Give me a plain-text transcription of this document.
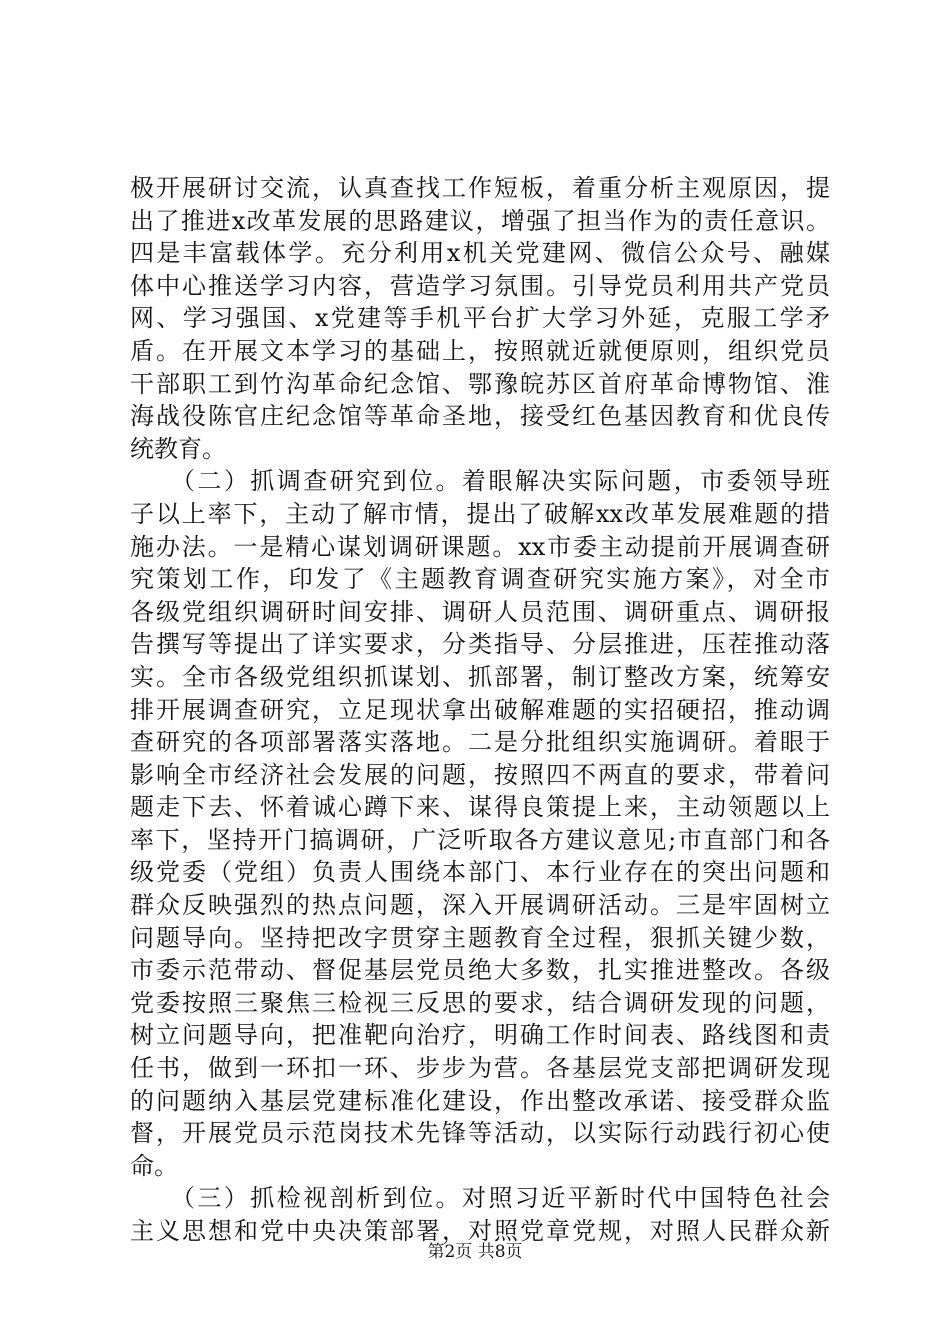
极开展研讨交流，认真查找工作短板，着重分析主观原因，提
出了推进x改革发展的思路建议，增强了担当作为的责任意识。
四是丰富载体学。充分利用x机关党建网、微信公众号、融媒
体中心推送学习内容，营造学习氛围。引导党员利用共产党员
网、学习强国、x党建等手机平台扩大学习外延，克服工学矛
盾。在开展文本学习的基础上，按照就近就便原则，组织党员
干部职工到竹沟革命纪念馆、鄂豫皖苏区首府革命博物馆、淮
海战役陈官庄纪念馆等革命圣地，接受红色基因教育和优良传
统教育。
　　（二）抓调查研究到位。着眼解决实际问题，市委领导班
子以上率下，主动了解市情，提出了破解xx改革发展难题的措
施办法。一是精心谋划调研课题。xx市委主动提前开展调查研
究策划工作，印发了《主题教育调查研究实施方案》，对全市
各级党组织调研时间安排、调研人员范围、调研重点、调研报
告撰写等提出了详实要求，分类指导、分层推进，压茬推动落
实。全市各级党组织抓谋划、抓部署，制订整改方案，统筹安
排开展调查研究，立足现状拿出破解难题的实招硬招，推动调
查研究的各项部署落实落地。二是分批组织实施调研。着眼于
影响全市经济社会发展的问题，按照四不两直的要求，带着问
题走下去、怀着诚心蹲下来、谋得良策提上来，主动领题以上
率下，坚持开门搞调研，广泛听取各方建议意见;市直部门和各
级党委（党组）负责人围绕本部门、本行业存在的突出问题和
群众反映强烈的热点问题，深入开展调研活动。三是牢固树立
问题导向。坚持把改字贯穿主题教育全过程，狠抓关键少数，
市委示范带动、督促基层党员绝大多数，扎实推进整改。各级
党委按照三聚焦三检视三反思的要求，结合调研发现的问题，
树立问题导向，把准靶向治疗，明确工作时间表、路线图和责
任书，做到一环扣一环、步步为营。各基层党支部把调研发现
的问题纳入基层党建标准化建设，作出整改承诺、接受群众监
督，开展党员示范岗技术先锋等活动，以实际行动践行初心使
命。
　　（三）抓检视剖析到位。对照习近平新时代中国特色社会
主义思想和党中央决策部署，对照党章党规，对照人民群众新
第2页 共8页
